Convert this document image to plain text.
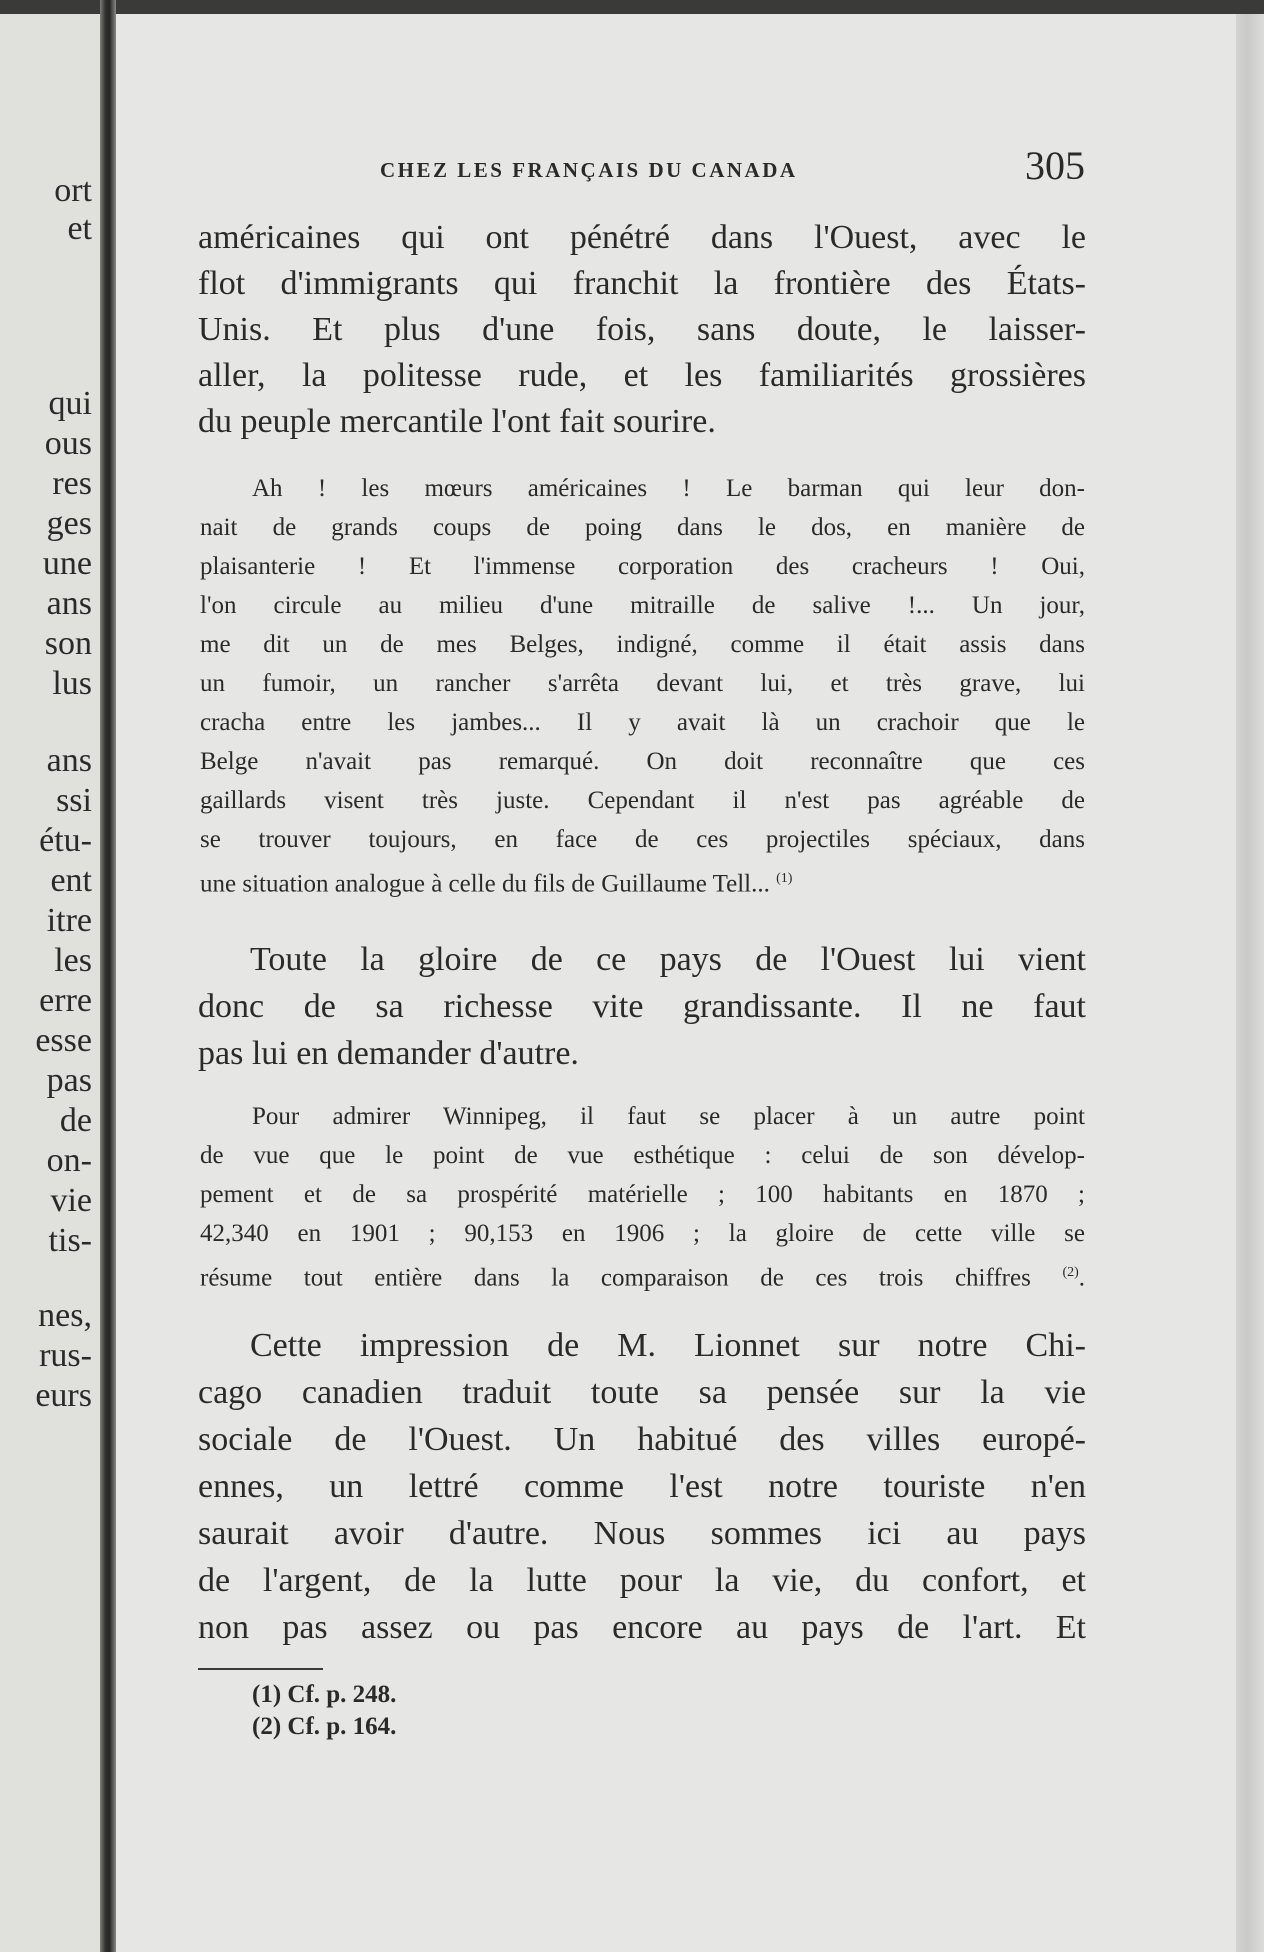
ort

et

qui

ous

res

ges

une

ans

son

lus

ans

ssi

étu-

ent

itre

les

erre

esse

pas

de

on-

vie

tis-

nes,

rus-

eurs

CHEZ LES FRANÇAIS DU CANADA	305

américaines qui ont pénétré dans l'Ouest, avec le

flot d'immigrants qui franchit la frontière des États-

Unis. Et plus d'une fois, sans doute, le laisser-

aller, la politesse rude, et les familiarités grossières

du peuple mercantile l'ont fait sourire.

Ah ! les mœurs américaines ! Le barman qui leur don-

nait de grands coups de poing dans le dos, en manière de

plaisanterie ! Et l'immense corporation des cracheurs ! Oui,

l'on circule au milieu d'une mitraille de salive !... Un jour,

me dit un de mes Belges, indigné, comme il était assis dans

un fumoir, un rancher s'arrêta devant lui, et très grave, lui

cracha entre les jambes... Il y avait là un crachoir que le

Belge n'avait pas remarqué. On doit reconnaître que ces

gaillards visent très juste. Cependant il n'est pas agréable de

se trouver toujours, en face de ces projectiles spéciaux, dans

une situation analogue à celle du fils de Guillaume Tell... $^{(1)}$

Toute la gloire de ce pays de l'Ouest lui vient

donc de sa richesse vite grandissante. Il ne faut

pas lui en demander d'autre.

Pour admirer Winnipeg, il faut se placer à un autre point

de vue que le point de vue esthétique : celui de son dévelop-

pement et de sa prospérité matérielle ; 100 habitants en 1870 ;

42,340 en 1901 ; 90,153 en 1906 ; la gloire de cette ville se

résume tout entière dans la comparaison de ces trois chiffres $^{(2)}$.

Cette impression de M. Lionnet sur notre Chi-

cago canadien traduit toute sa pensée sur la vie

sociale de l'Ouest. Un habitué des villes europé-

ennes, un lettré comme l'est notre touriste n'en

saurait avoir d'autre. Nous sommes ici au pays

de l'argent, de la lutte pour la vie, du confort, et

non pas assez ou pas encore au pays de l'art. Et

(1) Cf. p. 248.

(2) Cf. p. 164.
